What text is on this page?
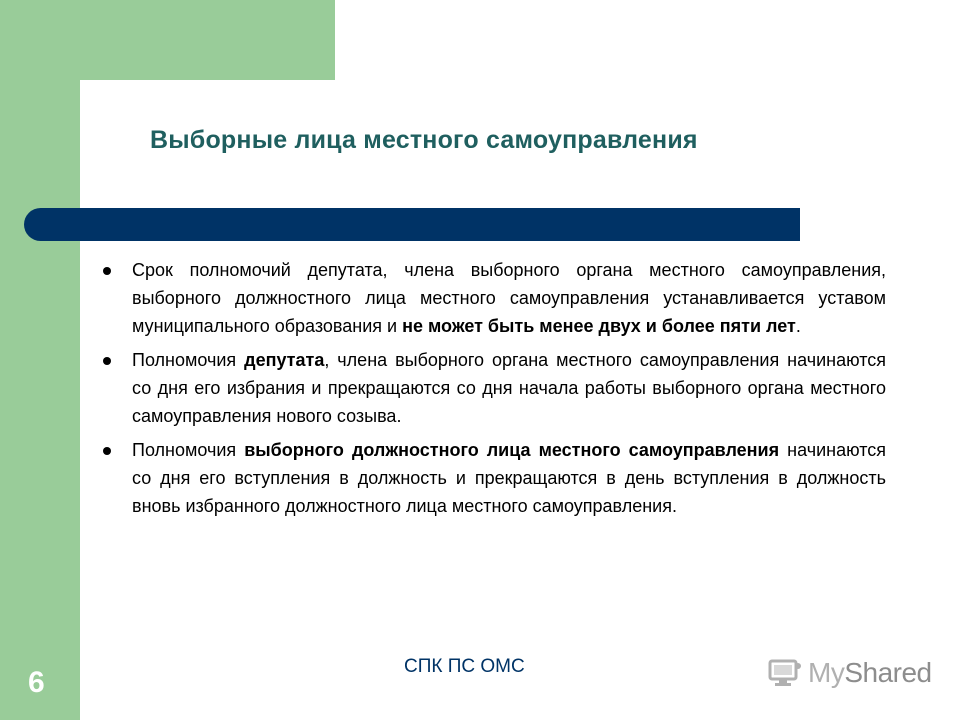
Выборные лица местного самоуправления
Срок полномочий депутата, члена выборного органа местного самоуправления, выборного должностного лица местного самоуправления устанавливается уставом муниципального образования и не может быть менее двух и более пяти лет.
Полномочия депутата, члена выборного органа местного самоуправления начинаются со дня его избрания и прекращаются со дня начала работы выборного органа местного самоуправления нового созыва.
Полномочия выборного должностного лица местного самоуправления начинаются со дня его вступления в должность и прекращаются в день вступления в должность вновь избранного должностного лица местного самоуправления.
СПК ПС ОМС
6	MyShared
